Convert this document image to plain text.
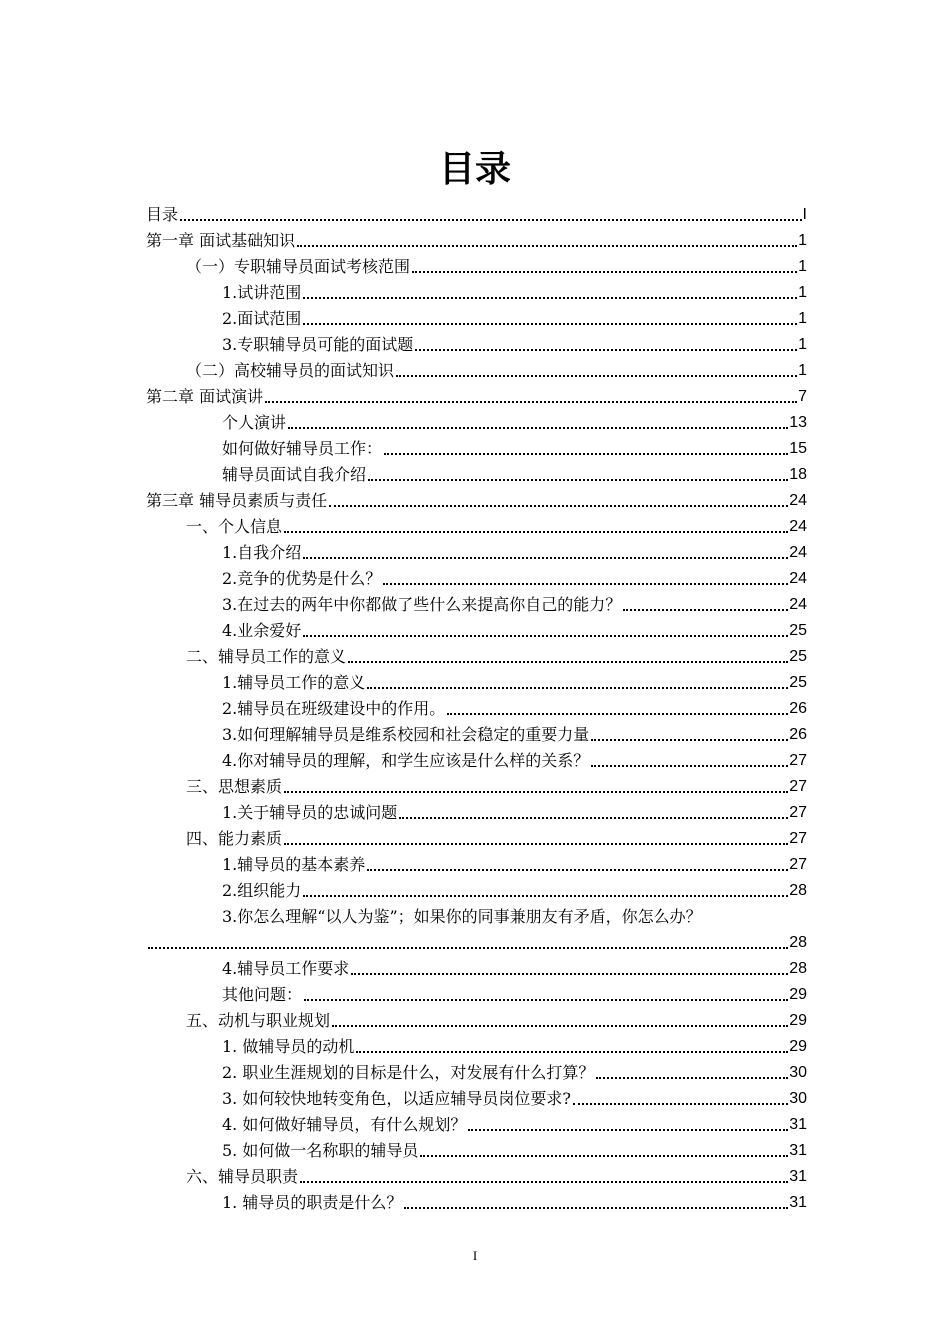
目录
目录	I
第一章 面试基础知识	1
（一）专职辅导员面试考核范围	1
1.试讲范围	1
2.面试范围	1
3.专职辅导员可能的面试题	1
（二）高校辅导员的面试知识	1
第二章 面试演讲	7
个人演讲	13
如何做好辅导员工作：	15
辅导员面试自我介绍	18
第三章 辅导员素质与责任	24
一、个人信息	24
1.自我介绍	24
2.竞争的优势是什么？	24
3.在过去的两年中你都做了些什么来提高你自己的能力？	24
4.业余爱好	25
二、辅导员工作的意义	25
1.辅导员工作的意义	25
2.辅导员在班级建设中的作用。	26
3.如何理解辅导员是维系校园和社会稳定的重要力量	26
4.你对辅导员的理解，和学生应该是什么样的关系？	27
三、思想素质	27
1.关于辅导员的忠诚问题	27
四、能力素质	27
1.辅导员的基本素养	27
2.组织能力	28
3.你怎么理解“以人为鉴”；如果你的同事兼朋友有矛盾，你怎么办？
28
4.辅导员工作要求	28
其他问题：	29
五、动机与职业规划	29
1. 做辅导员的动机	29
2. 职业生涯规划的目标是什么，对发展有什么打算？	30
3. 如何较快地转变角色，以适应辅导员岗位要求?	30
4. 如何做好辅导员，有什么规划？	31
5. 如何做一名称职的辅导员	31
六、辅导员职责	31
1. 辅导员的职责是什么？	31
I
